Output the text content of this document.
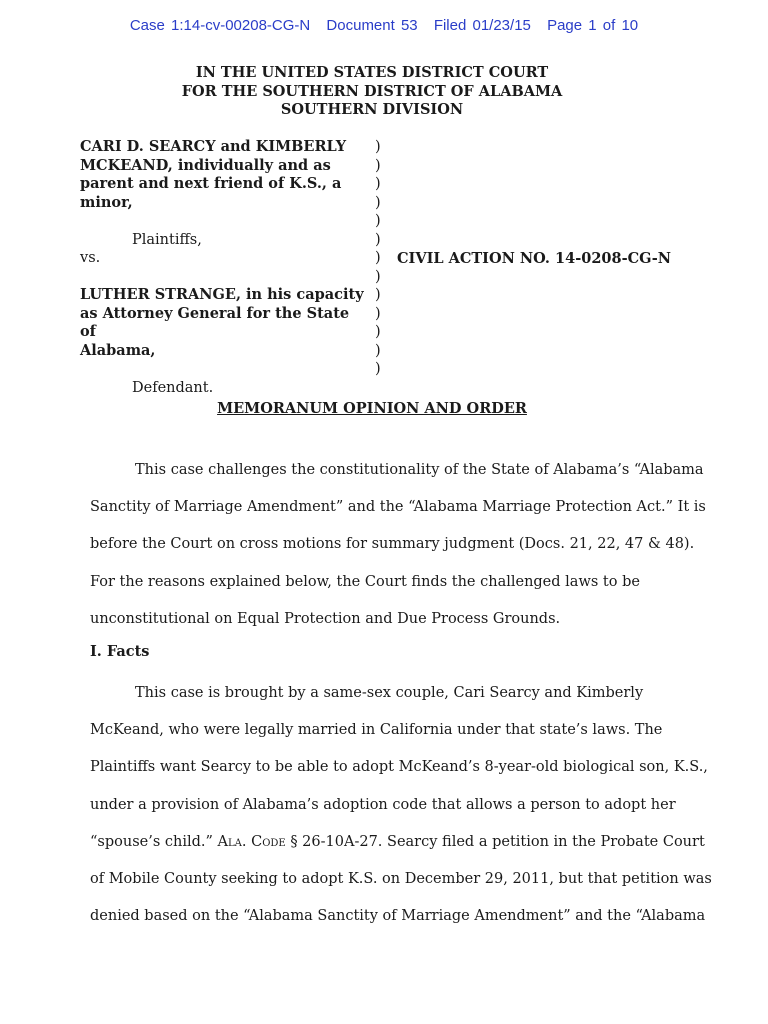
Case 1:14-cv-00208-CG-N Document 53 Filed 01/23/15 Page 1 of 10
IN THE UNITED STATES DISTRICT COURT
FOR THE SOUTHERN DISTRICT OF ALABAMA
SOUTHERN DIVISION
CARI D. SEARCY and KIMBERLY
MCKEAND, individually and as
parent and next friend of K.S., a
minor,

Plaintiffs,
vs.

LUTHER STRANGE, in his capacity
as Attorney General for the State of
Alabama,

Defendant.
)
)
)
)
)
)
)
)
)
)
)
)
)
CIVIL ACTION NO. 14-0208-CG-N
MEMORANUM OPINION AND ORDER
This case challenges the constitutionality of the State of Alabama’s “Alabama
Sanctity of Marriage Amendment” and the “Alabama Marriage Protection Act.” It is
before the Court on cross motions for summary judgment (Docs. 21, 22, 47 & 48).
For the reasons explained below, the Court finds the challenged laws to be
unconstitutional on Equal Protection and Due Process Grounds.
I. Facts
This case is brought by a same-sex couple, Cari Searcy and Kimberly
McKeand, who were legally married in California under that state’s laws. The
Plaintiffs want Searcy to be able to adopt McKeand’s 8-year-old biological son, K.S.,
under a provision of Alabama’s adoption code that allows a person to adopt her
“spouse’s child.” Ala. Code § 26-10A-27. Searcy filed a petition in the Probate Court
of Mobile County seeking to adopt K.S. on December 29, 2011, but that petition was
denied based on the “Alabama Sanctity of Marriage Amendment” and the “Alabama
